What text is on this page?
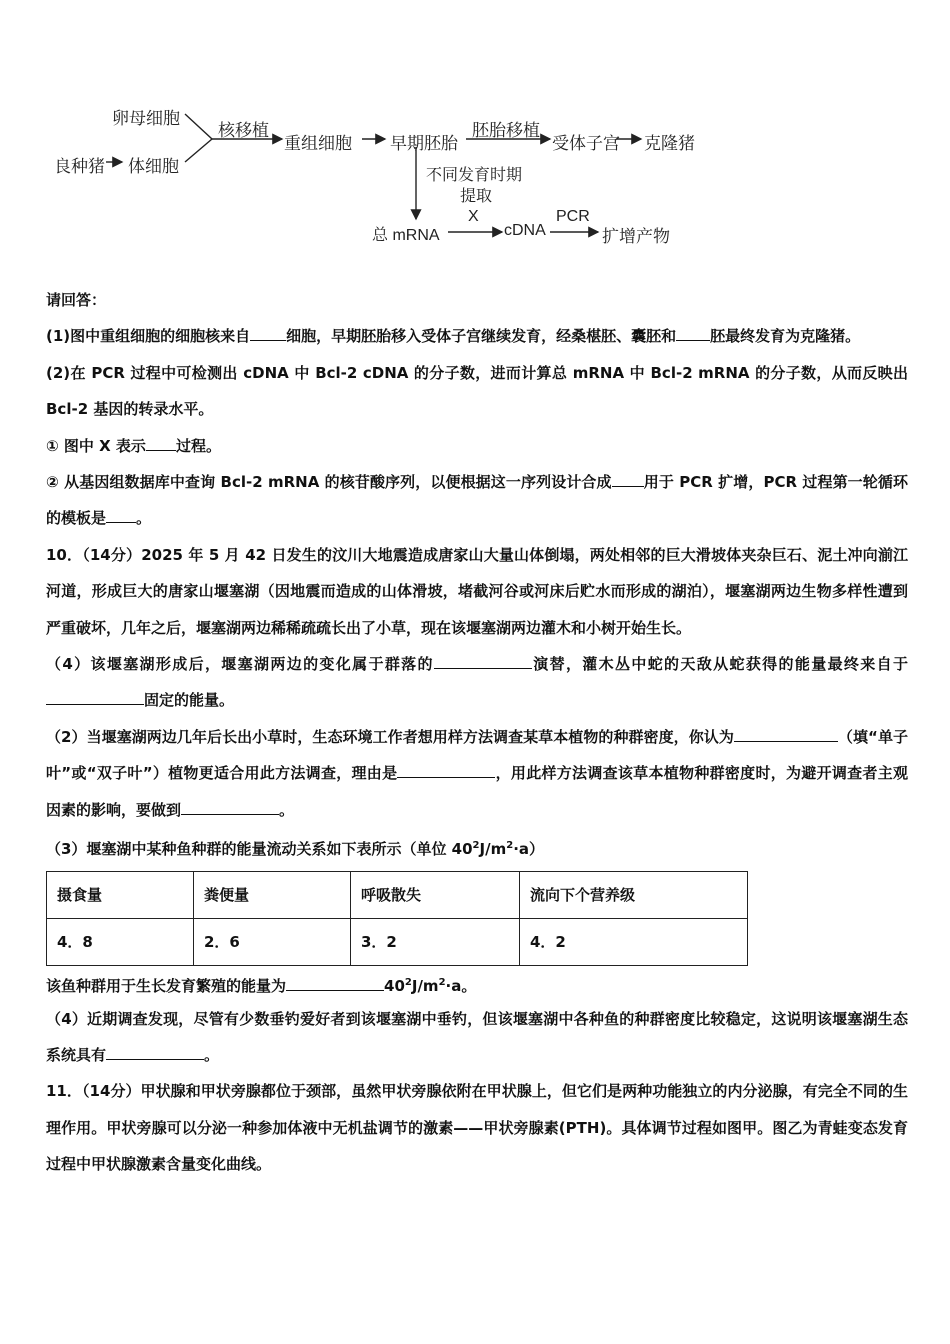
卵母细胞
良种猪 体细胞
核移植
重组细胞 早期胚胎
胚胎移植
受体子宫 克隆猪
不同发育时期
提取
总 mRNA
X
cDNA
PCR
扩增产物

请回答：

(1)图中重组细胞的细胞核来自 细胞，早期胚胎移入受体子宫继续发育，经桑椹胚、囊胚和 胚最终发育为克隆猪。

(2)在 PCR 过程中可检测出 cDNA 中 Bcl-2 cDNA 的分子数，进而计算总 mRNA 中 Bcl-2 mRNA 的分子数，从而反映出 Bcl-2 基因的转录水平。

① 图中 X 表示 过程。

② 从基因组数据库中查询 Bcl-2 mRNA 的核苷酸序列，以便根据这一序列设计合成 用于 PCR 扩增，PCR 过程第一轮循环的模板是 。

10．（14分）2025 年 5 月 42 日发生的汶川大地震造成唐家山大量山体倒塌，两处相邻的巨大滑坡体夹杂巨石、泥土冲向湔江河道，形成巨大的唐家山堰塞湖（因地震而造成的山体滑坡，堵截河谷或河床后贮水而形成的湖泊），堰塞湖两边生物多样性遭到严重破坏，几年之后，堰塞湖两边稀稀疏疏长出了小草，现在该堰塞湖两边灌木和小树开始生长。

（4）该堰塞湖形成后，堰塞湖两边的变化属于群落的	演替，灌木丛中蛇的天敌从蛇获得的能量最终来自于固定的能量。

（2）当堰塞湖两边几年后长出小草时，生态环境工作者想用样方法调查某草本植物的种群密度，你认为	（填“单子叶”或“双子叶”）植物更适合用此方法调查，理由是	，用此样方法调查该草本植物种群密度时，为避开调查者主观因素的影响，要做到	。

（3）堰塞湖中某种鱼种群的能量流动关系如下表所示（单位 $40^2J/m^2\cdot a$）

摄食量	粪便量	呼吸散失	流向下个营养级
4．8	2．6	3．2	4．2

该鱼种群用于生长发育繁殖的能量为	$40^2J/m^2\cdot a$。

（4）近期调查发现，尽管有少数垂钓爱好者到该堰塞湖中垂钓，但该堰塞湖中各种鱼的种群密度比较稳定，这说明该堰塞湖生态系统具有	。

11．（14分）甲状腺和甲状旁腺都位于颈部，虽然甲状旁腺依附在甲状腺上，但它们是两种功能独立的内分泌腺，有完全不同的生理作用。甲状旁腺可以分泌一种参加体液中无机盐调节的激素——甲状旁腺素(PTH)。具体调节过程如图甲。图乙为青蛙变态发育过程中甲状腺激素含量变化曲线。
